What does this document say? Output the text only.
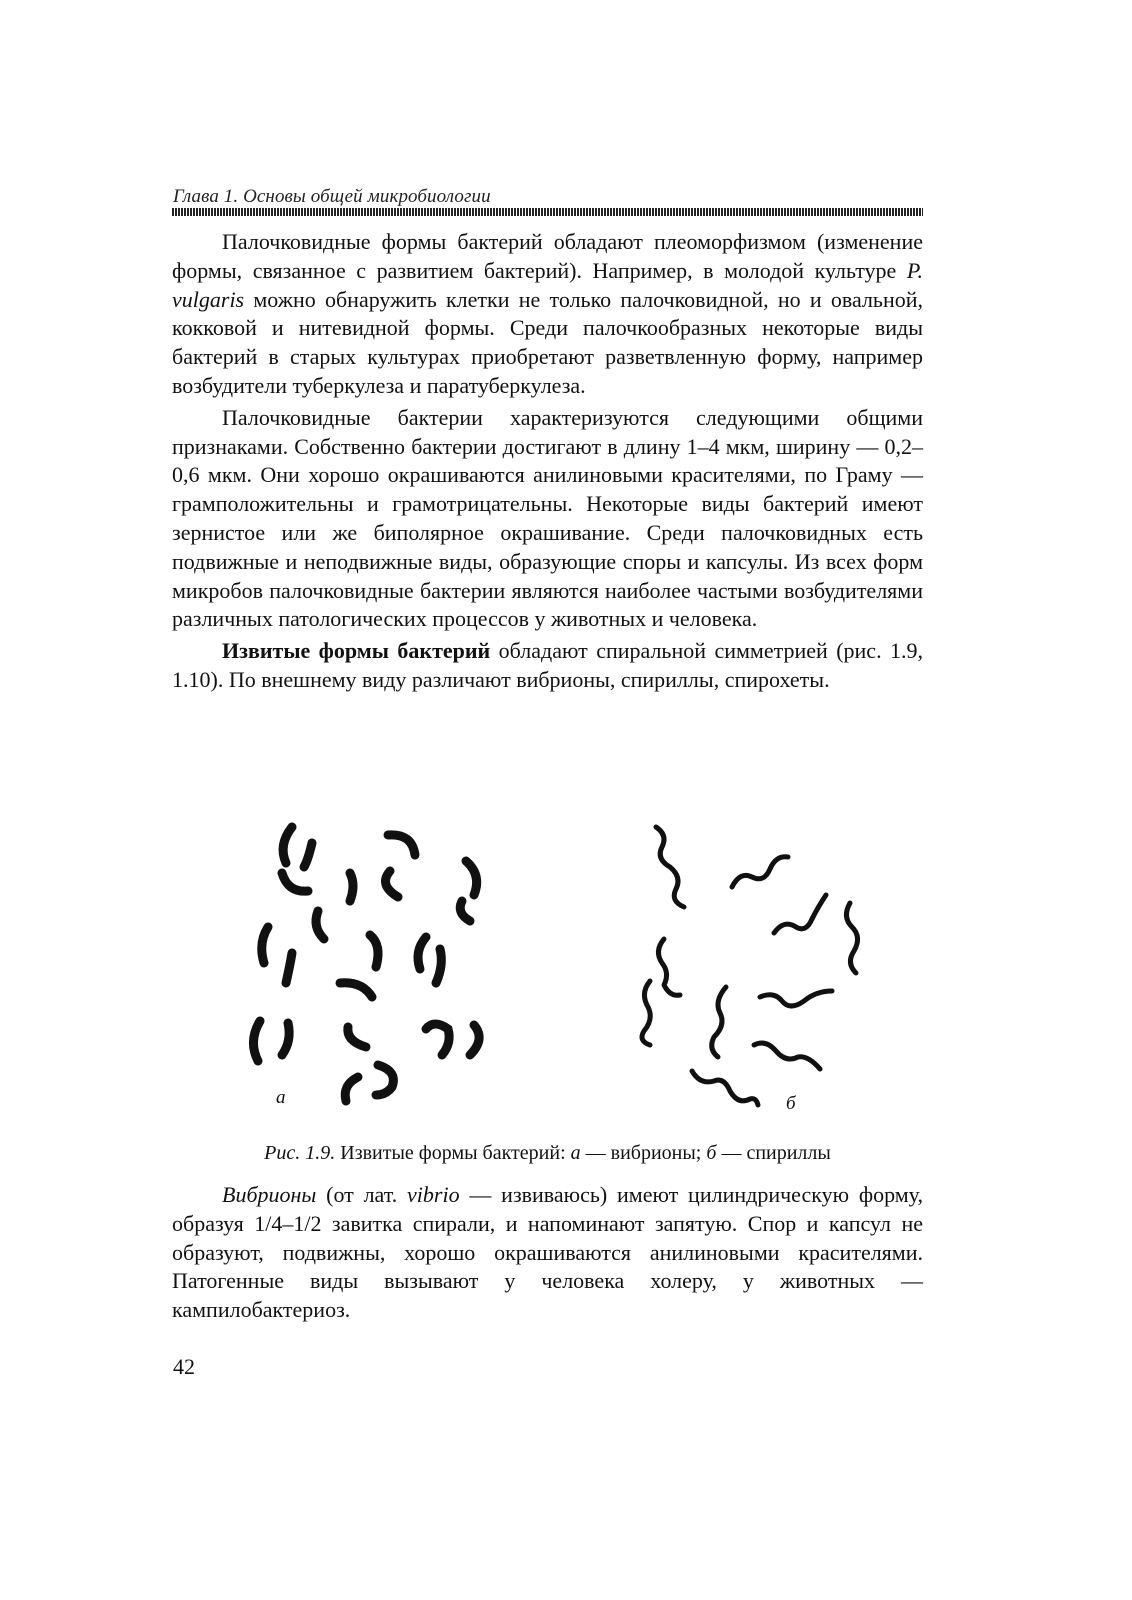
Глава 1. Основы общей микробиологии

Палочковидные формы бактерий обладают плеоморфизмом (изменение формы, связанное с развитием бактерий). Например, в молодой культуре P. vulgaris можно обнаружить клетки не только палочковидной, но и овальной, кокковой и нитевидной формы. Среди палочкообразных некоторые виды бактерий в старых культурах приобретают разветвленную форму, например возбудители туберкулеза и паратуберкулеза.

Палочковидные бактерии характеризуются следующими общими признаками. Собственно бактерии достигают в длину 1–4 мкм, ширину — 0,2–0,6 мкм. Они хорошо окрашиваются анилиновыми красителями, по Граму — грамположительны и грамотрицательны. Некоторые виды бактерий имеют зернистое или же биполярное окрашивание. Среди палочковидных есть подвижные и неподвижные виды, образующие споры и капсулы. Из всех форм микробов палочковидные бактерии являются наиболее частыми возбудителями различных патологических процессов у животных и человека.

Извитые формы бактерий обладают спиральной симметрией (рис. 1.9, 1.10). По внешнему виду различают вибрионы, спириллы, спирохеты.

а	б
Рис. 1.9. Извитые формы бактерий: а — вибрионы; б — спириллы

Вибрионы (от лат. vibrio — извиваюсь) имеют цилиндрическую форму, образуя 1/4–1/2 завитка спирали, и напоминают запятую. Спор и капсул не образуют, подвижны, хорошо окрашиваются анилиновыми красителями. Патогенные виды вызывают у человека холеру, у животных — кампилобактериоз.

42
